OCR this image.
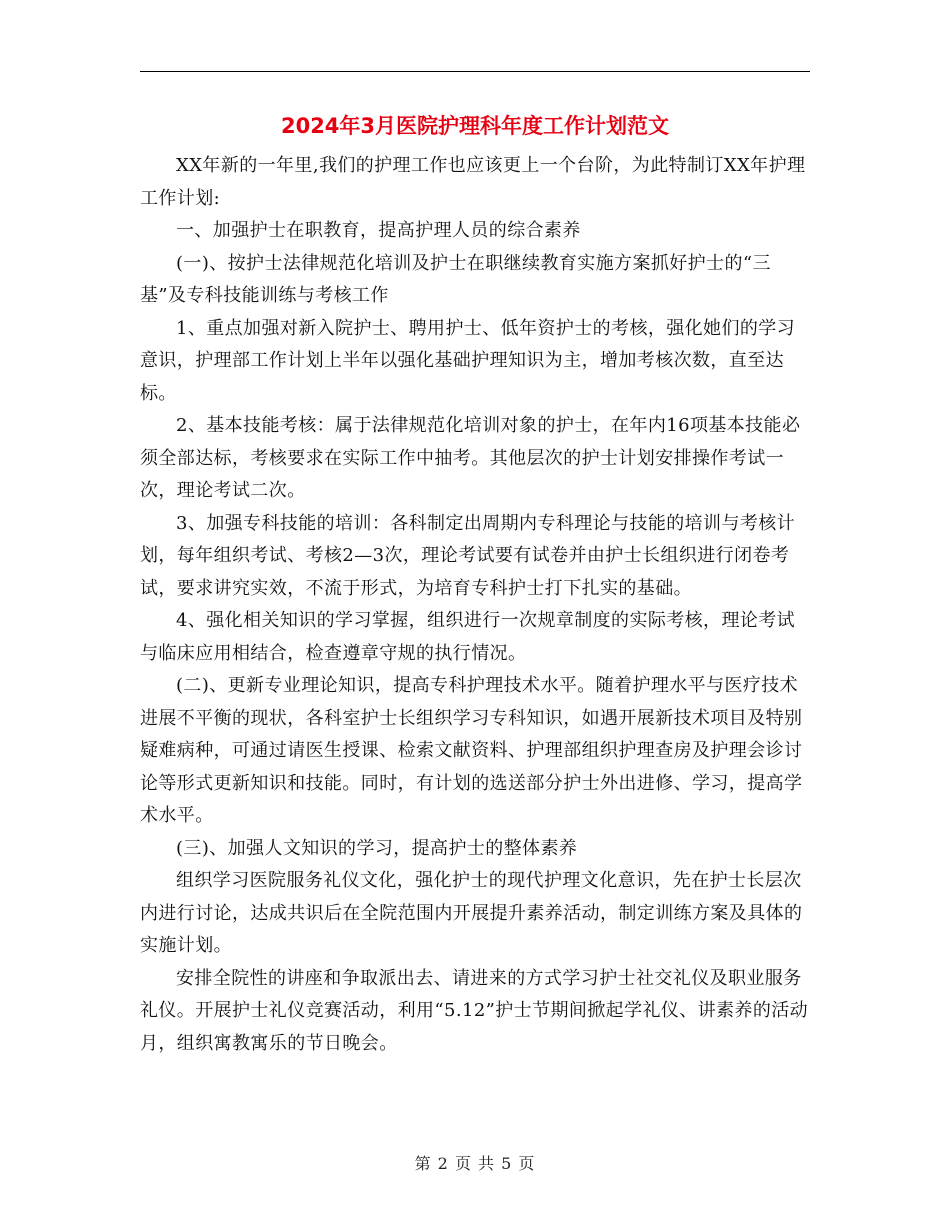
2024年3月医院护理科年度工作计划范文

XX年新的一年里,我们的护理工作也应该更上一个台阶，为此特制订XX年护理工作计划:

一、加强护士在职教育，提高护理人员的综合素养

(一)、按护士法律规范化培训及护士在职继续教育实施方案抓好护士的“三基”及专科技能训练与考核工作

1、重点加强对新入院护士、聘用护士、低年资护士的考核，强化她们的学习意识，护理部工作计划上半年以强化基础护理知识为主，增加考核次数，直至达标。

2、基本技能考核：属于法律规范化培训对象的护士，在年内16项基本技能必须全部达标，考核要求在实际工作中抽考。其他层次的护士计划安排操作考试一次，理论考试二次。

3、加强专科技能的培训：各科制定出周期内专科理论与技能的培训与考核计划，每年组织考试、考核2—3次，理论考试要有试卷并由护士长组织进行闭卷考试，要求讲究实效，不流于形式，为培育专科护士打下扎实的基础。

4、强化相关知识的学习掌握，组织进行一次规章制度的实际考核，理论考试与临床应用相结合，检查遵章守规的执行情况。

(二)、更新专业理论知识，提高专科护理技术水平。随着护理水平与医疗技术进展不平衡的现状，各科室护士长组织学习专科知识，如遇开展新技术项目及特别疑难病种，可通过请医生授课、检索文献资料、护理部组织护理查房及护理会诊讨论等形式更新知识和技能。同时，有计划的选送部分护士外出进修、学习，提高学术水平。

(三)、加强人文知识的学习，提高护士的整体素养

组织学习医院服务礼仪文化，强化护士的现代护理文化意识，先在护士长层次内进行讨论，达成共识后在全院范围内开展提升素养活动，制定训练方案及具体的实施计划。

安排全院性的讲座和争取派出去、请进来的方式学习护士社交礼仪及职业服务礼仪。开展护士礼仪竞赛活动，利用“5.12”护士节期间掀起学礼仪、讲素养的活动月，组织寓教寓乐的节日晚会。

第 2 页 共 5 页
